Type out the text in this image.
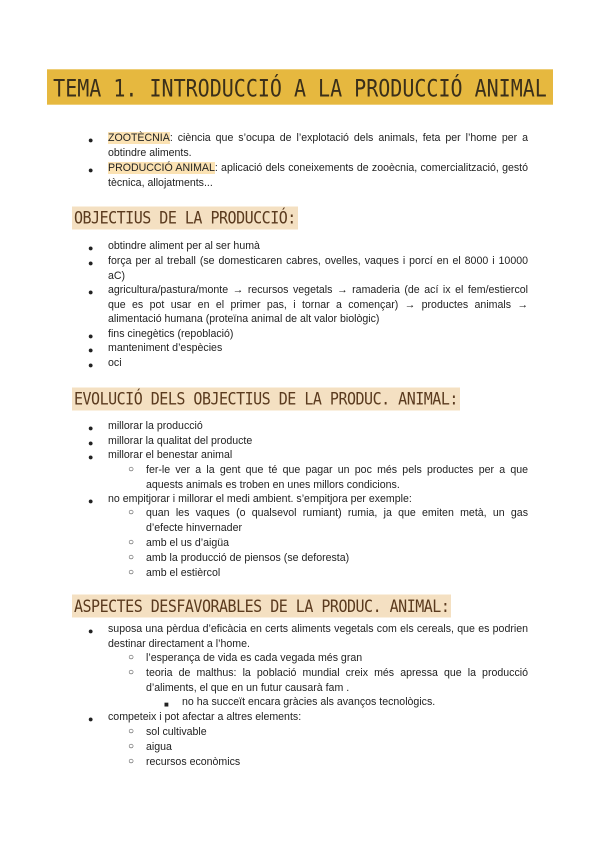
TEMA 1. INTRODUCCIÓ A LA PRODUCCIÓ ANIMAL
● ZOOTÈCNIA: ciència que s’ocupa de l’explotació dels animals, feta per l’home per a obtindre aliments.
● PRODUCCIÓ ANIMAL: aplicació dels coneixements de zooècnia, comercialització, gestó tècnica, allojatments...
OBJECTIUS DE LA PRODUCCIÓ:
● obtindre aliment per al ser humà
● força per al treball (se domesticaren cabres, ovelles, vaques i porcí en el 8000 i 10000 aC)
● agricultura/pastura/monte → recursos vegetals → ramaderia (de ací ix el fem/estiercol que es pot usar en el primer pas, i tornar a començar) → productes animals → alimentació humana (proteïna animal de alt valor biològic)
● fins cinegètics (repoblació)
● manteniment d’espècies
● oci
EVOLUCIÓ DELS OBJECTIUS DE LA PRODUC. ANIMAL:
● millorar la producció
● millorar la qualitat del producte
● millorar el benestar animal
○ fer-le ver a la gent que té que pagar un poc més pels productes per a que aquests animals es troben en unes millors condicions.
● no empitjorar i millorar el medi ambient. s’empitjora per exemple:
○ quan les vaques (o qualsevol rumiant) rumia, ja que emiten metà, un gas d’efecte hinvernader
○ amb el us d’aigüa
○ amb la producció de piensos (se deforesta)
○ amb el estièrcol
ASPECTES DESFAVORABLES DE LA PRODUC. ANIMAL:
● suposa una pèrdua d’eficàcia en certs aliments vegetals com els cereals, que es podrien destinar directament a l’home.
○ l’esperança de vida es cada vegada més gran
○ teoria de malthus: la població mundial creix més apressa que la producció d’aliments, el que en un futur causarà fam .
■ no ha succeït encara gràcies als avanços tecnològics.
● competeix i pot afectar a altres elements:
○ sol cultivable
○ aigua
○ recursos econòmics
